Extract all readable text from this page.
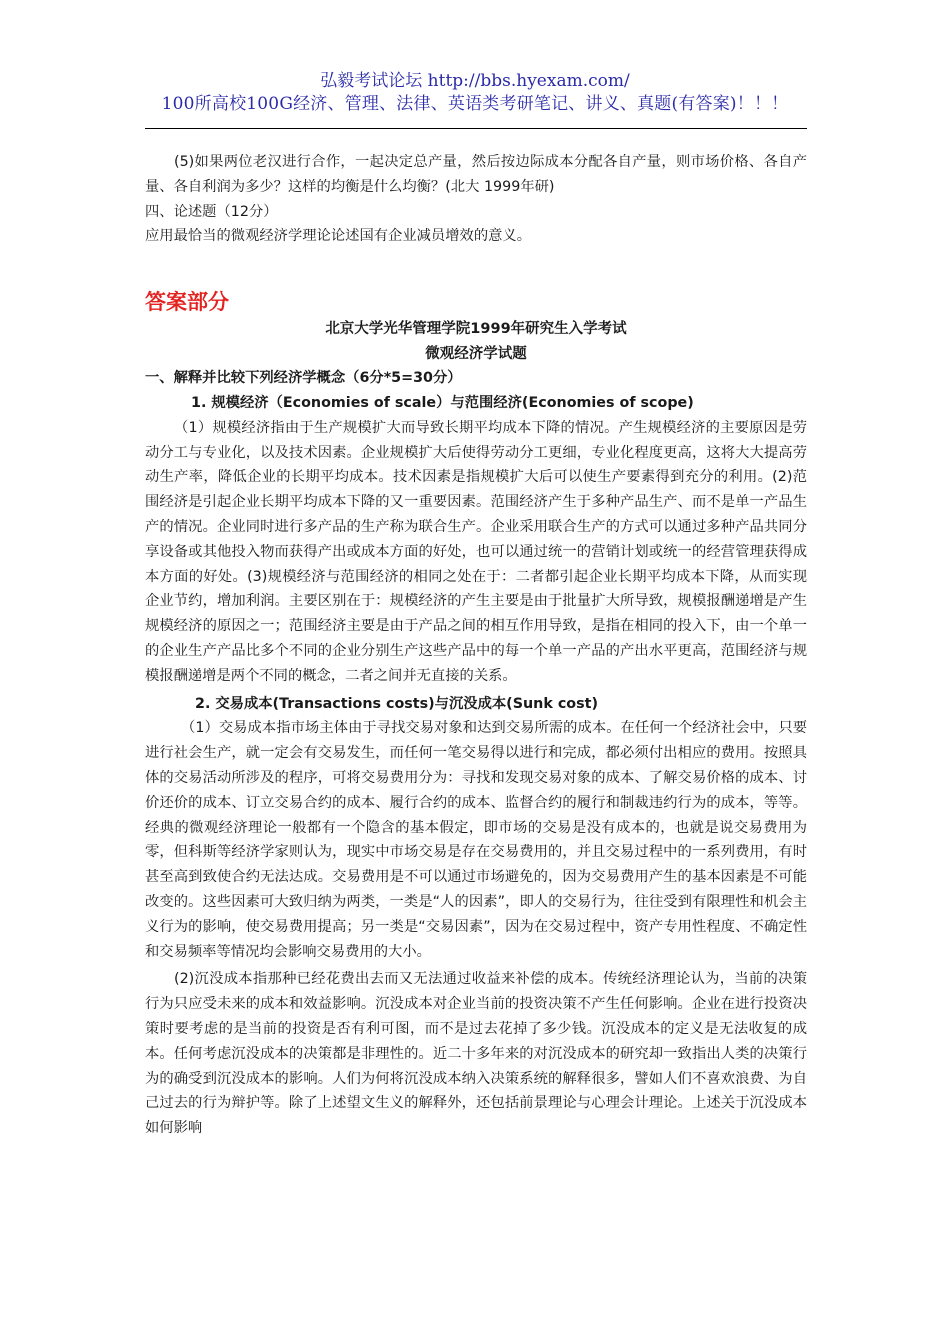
弘毅考试论坛 http://bbs.hyexam.com/
100所高校100G经济、管理、法律、英语类考研笔记、讲义、真题(有答案)！！！

(5)如果两位老汉进行合作，一起决定总产量，然后按边际成本分配各自产量，则市场价格、各自产量、各自利润为多少？这样的均衡是什么均衡？(北大 1999年研)

四、论述题（12分）

应用最恰当的微观经济学理论论述国有企业减员增效的意义。

答案部分

北京大学光华管理学院1999年研究生入学考试

微观经济学试题

一、解释并比较下列经济学概念（6分*5=30分）

1. 规模经济（Economies of scale）与范围经济(Economies of scope)

（1）规模经济指由于生产规模扩大而导致长期平均成本下降的情况。产生规模经济的主要原因是劳动分工与专业化，以及技术因素。企业规模扩大后使得劳动分工更细，专业化程度更高，这将大大提高劳动生产率，降低企业的长期平均成本。技术因素是指规模扩大后可以使生产要素得到充分的利用。(2)范围经济是引起企业长期平均成本下降的又一重要因素。范围经济产生于多种产品生产、而不是单一产品生产的情况。企业同时进行多产品的生产称为联合生产。企业采用联合生产的方式可以通过多种产品共同分享设备或其他投入物而获得产出或成本方面的好处，也可以通过统一的营销计划或统一的经营管理获得成本方面的好处。(3)规模经济与范围经济的相同之处在于：二者都引起企业长期平均成本下降，从而实现企业节约，增加利润。主要区别在于：规模经济的产生主要是由于批量扩大所导致，规模报酬递增是产生规模经济的原因之一；范围经济主要是由于产品之间的相互作用导致，是指在相同的投入下，由一个单一的企业生产产品比多个不同的企业分别生产这些产品中的每一个单一产品的产出水平更高，范围经济与规模报酬递增是两个不同的概念，二者之间并无直接的关系。

2. 交易成本(Transactions costs)与沉没成本(Sunk cost)

（1）交易成本指市场主体由于寻找交易对象和达到交易所需的成本。在任何一个经济社会中，只要进行社会生产，就一定会有交易发生，而任何一笔交易得以进行和完成，都必须付出相应的费用。按照具体的交易活动所涉及的程序，可将交易费用分为：寻找和发现交易对象的成本、了解交易价格的成本、讨价还价的成本、订立交易合约的成本、履行合约的成本、监督合约的履行和制裁违约行为的成本，等等。经典的微观经济理论一般都有一个隐含的基本假定，即市场的交易是没有成本的，也就是说交易费用为零，但科斯等经济学家则认为，现实中市场交易是存在交易费用的，并且交易过程中的一系列费用，有时甚至高到致使合约无法达成。交易费用是不可以通过市场避免的，因为交易费用产生的基本因素是不可能改变的。这些因素可大致归纳为两类，一类是“人的因素”，即人的交易行为，往往受到有限理性和机会主义行为的影响，使交易费用提高；另一类是“交易因素”，因为在交易过程中，资产专用性程度、不确定性和交易频率等情况均会影响交易费用的大小。

(2)沉没成本指那种已经花费出去而又无法通过收益来补偿的成本。传统经济理论认为，当前的决策行为只应受未来的成本和效益影响。沉没成本对企业当前的投资决策不产生任何影响。企业在进行投资决策时要考虑的是当前的投资是否有利可图，而不是过去花掉了多少钱。沉没成本的定义是无法收复的成本。任何考虑沉没成本的决策都是非理性的。近二十多年来的对沉没成本的研究却一致指出人类的决策行为的确受到沉没成本的影响。人们为何将沉没成本纳入决策系统的解释很多，譬如人们不喜欢浪费、为自己过去的行为辩护等。除了上述望文生义的解释外，还包括前景理论与心理会计理论。上述关于沉没成本如何影响
